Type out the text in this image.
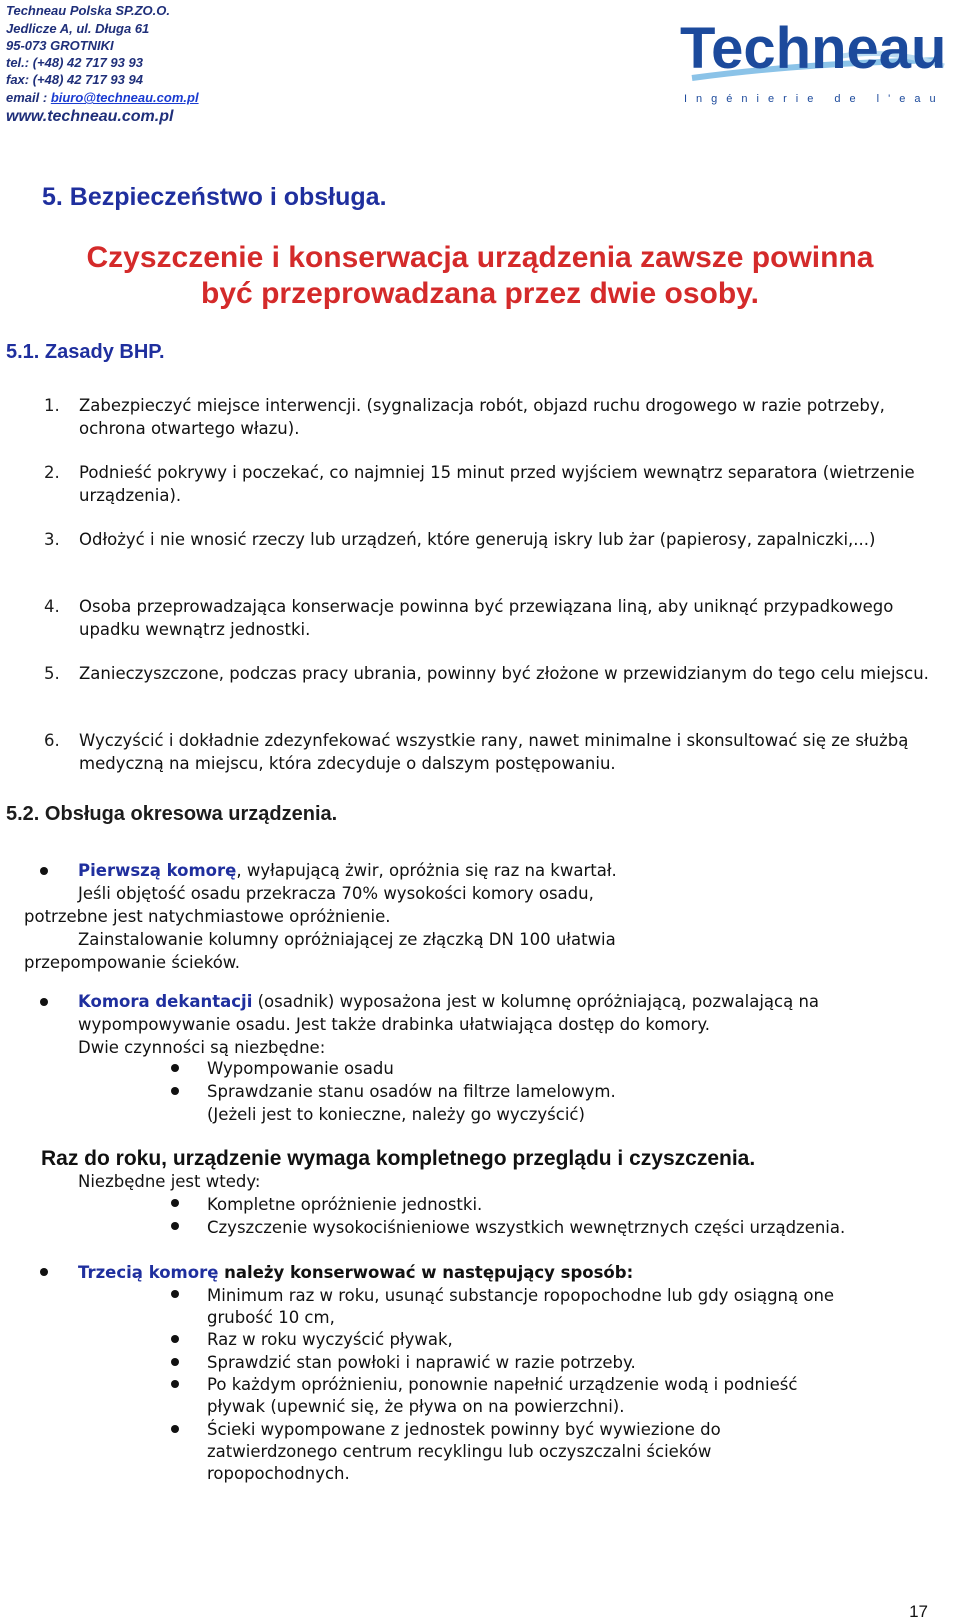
Techneau Polska SP.ZO.O.
Jedlicze A, ul. Długa 61
95-073 GROTNIKI
tel.: (+48) 42 717 93 93
fax: (+48) 42 717 93 94
email : biuro@techneau.com.pl
www.techneau.com.pl
Techneau
Ingénierie de l'eau
5. Bezpieczeństwo i obsługa.
Czyszczenie i konserwacja urządzenia zawsze powinna
być przeprowadzana przez dwie osoby.
5.1. Zasady BHP.
1. Zabezpieczyć miejsce interwencji. (sygnalizacja robót, objazd ruchu drogowego w razie potrzeby, ochrona otwartego włazu).
2. Podnieść pokrywy i poczekać, co najmniej 15 minut przed wyjściem wewnątrz separatora (wietrzenie urządzenia).
3. Odłożyć i nie wnosić rzeczy lub urządzeń, które generują iskry lub żar (papierosy, zapalniczki,...)
4. Osoba przeprowadzająca konserwacje powinna być przewiązana liną, aby uniknąć przypadkowego upadku wewnątrz jednostki.
5. Zanieczyszczone, podczas pracy ubrania, powinny być złożone w przewidzianym do tego celu miejscu.
6. Wyczyścić i dokładnie zdezynfekować wszystkie rany, nawet minimalne i skonsultować się ze służbą medyczną na miejscu, która zdecyduje o dalszym postępowaniu.
5.2. Obsługa okresowa urządzenia.
Pierwszą komorę, wyłapującą żwir, opróżnia się raz na kwartał.
Jeśli objętość osadu przekracza 70% wysokości komory osadu,
potrzebne jest natychmiastowe opróżnienie.
Zainstalowanie kolumny opróżniającej ze złączką DN 100 ułatwia
przepompowanie ścieków.
Komora dekantacji (osadnik) wyposażona jest w kolumnę opróżniającą, pozwalającą na
wypompowywanie osadu. Jest także drabinka ułatwiająca dostęp do komory.
Dwie czynności są niezbędne:
Wypompowanie osadu
Sprawdzanie stanu osadów na filtrze lamelowym.
(Jeżeli jest to konieczne, należy go wyczyścić)
Raz do roku, urządzenie wymaga kompletnego przeglądu i czyszczenia.
Niezbędne jest wtedy:
Kompletne opróżnienie jednostki.
Czyszczenie wysokociśnieniowe wszystkich wewnętrznych części urządzenia.
Trzecią komorę należy konserwować w następujący sposób:
Minimum raz w roku, usunąć substancje ropopochodne lub gdy osiągną one
grubość 10 cm,
Raz w roku wyczyścić pływak,
Sprawdzić stan powłoki i naprawić w razie potrzeby.
Po każdym opróżnieniu, ponownie napełnić urządzenie wodą i podnieść
pływak (upewnić się, że pływa on na powierzchni).
Ścieki wypompowane z jednostek powinny być wywiezione do
zatwierdzonego centrum recyklingu lub oczyszczalni ścieków
ropopochodnych.
17
